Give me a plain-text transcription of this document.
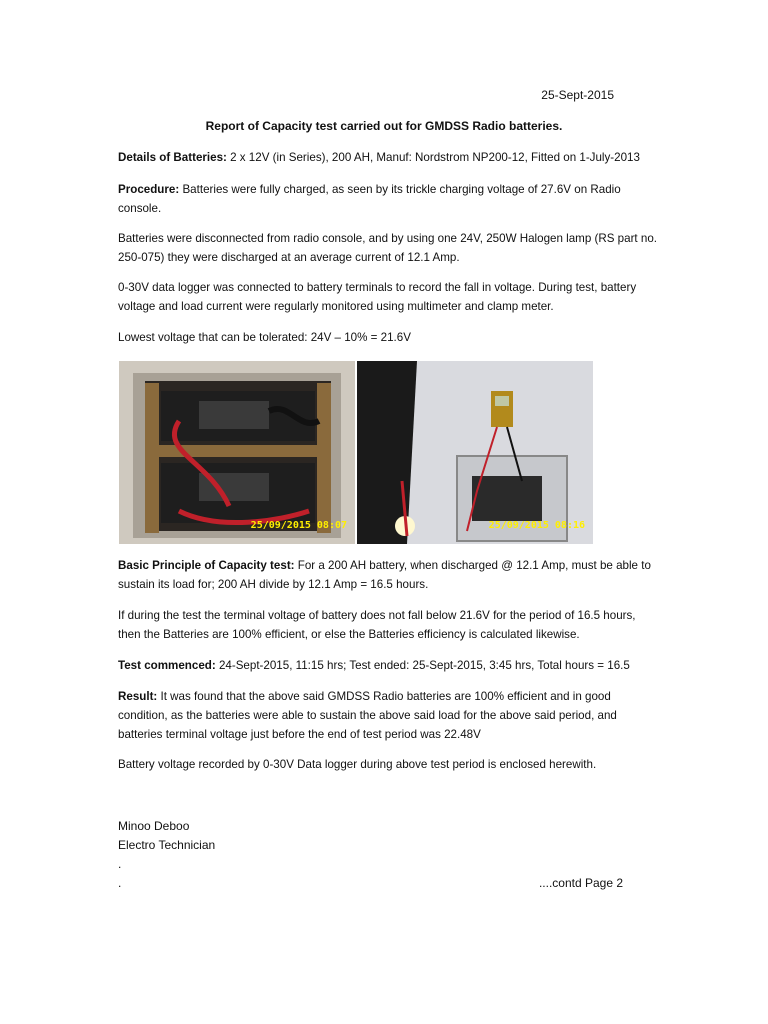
25-Sept-2015
Report of Capacity test carried out for GMDSS Radio batteries.
Details of Batteries: 2 x 12V (in Series), 200 AH, Manuf: Nordstrom NP200-12, Fitted on 1-July-2013
Procedure: Batteries were fully charged, as seen by its trickle charging voltage of 27.6V on Radio console.
Batteries were disconnected from radio console, and by using one 24V, 250W Halogen lamp (RS part no. 250-075) they were discharged at an average current of 12.1 Amp.
0-30V data logger was connected to battery terminals to record the fall in voltage. During test, battery voltage and load current were regularly monitored using multimeter and clamp meter.
Lowest voltage that can be tolerated: 24V – 10% = 21.6V
25/09/2015 08:07	25/09/2015 08:16
Basic Principle of Capacity test: For a 200 AH battery, when discharged @ 12.1 Amp, must be able to sustain its load for; 200 AH divide by 12.1 Amp = 16.5 hours.
If during the test the terminal voltage of battery does not fall below 21.6V for the period of 16.5 hours, then the Batteries are 100% efficient, or else the Batteries efficiency is calculated likewise.
Test commenced: 24-Sept-2015, 11:15 hrs; Test ended: 25-Sept-2015, 3:45 hrs, Total hours = 16.5
Result: It was found that the above said GMDSS Radio batteries are 100% efficient and in good condition, as the batteries were able to sustain the above said load for the above said period, and batteries terminal voltage just before the end of test period was 22.48V
Battery voltage recorded by 0-30V Data logger during above test period is enclosed herewith.
Minoo Deboo
Electro Technician
.
.	....contd Page 2
